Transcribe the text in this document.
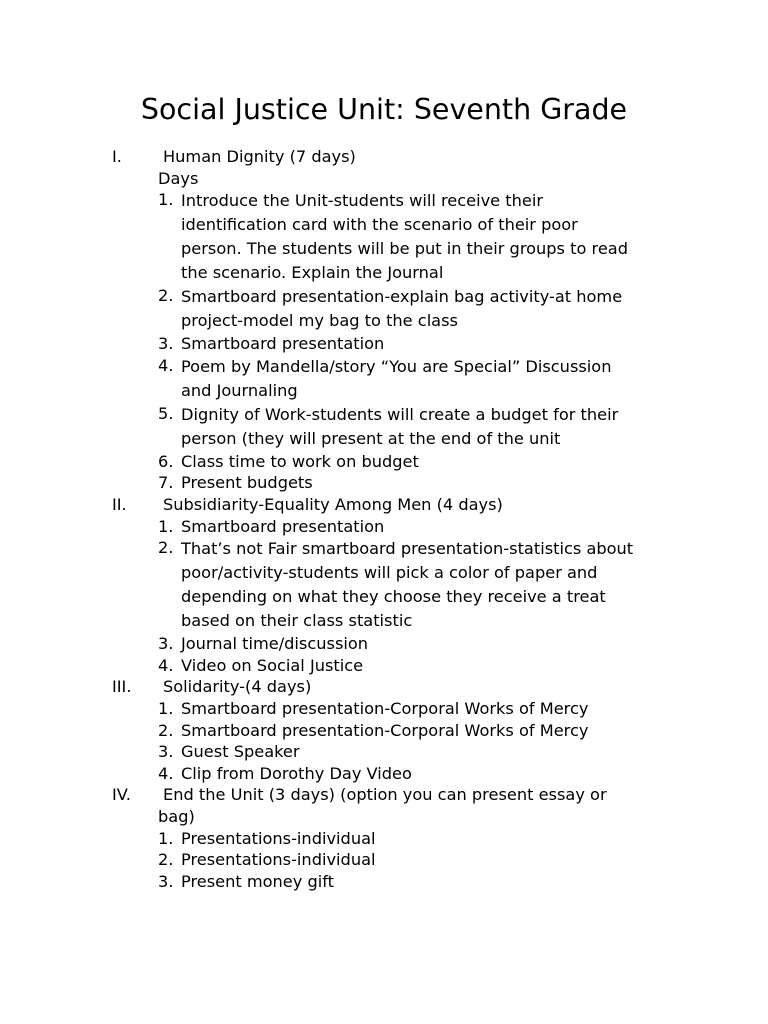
Social Justice Unit: Seventh Grade
I.	Human Dignity (7 days)
Days
1. Introduce the Unit-students will receive their
identification card with the scenario of their poor
person. The students will be put in their groups to read
the scenario. Explain the Journal
2. Smartboard presentation-explain bag activity-at home
project-model my bag to the class
3. Smartboard presentation
4. Poem by Mandella/story “You are Special” Discussion
and Journaling
5. Dignity of Work-students will create a budget for their
person (they will present at the end of the unit
6. Class time to work on budget
7. Present budgets
II. Subsidiarity-Equality Among Men (4 days)
1. Smartboard presentation
2. That’s not Fair smartboard presentation-statistics about
poor/activity-students will pick a color of paper and
depending on what they choose they receive a treat
based on their class statistic
3. Journal time/discussion
4. Video on Social Justice
III. Solidarity-(4 days)
1. Smartboard presentation-Corporal Works of Mercy
2. Smartboard presentation-Corporal Works of Mercy
3. Guest Speaker
4. Clip from Dorothy Day Video
IV. End the Unit (3 days) (option you can present essay or
bag)
1. Presentations-individual
2. Presentations-individual
3. Present money gift
